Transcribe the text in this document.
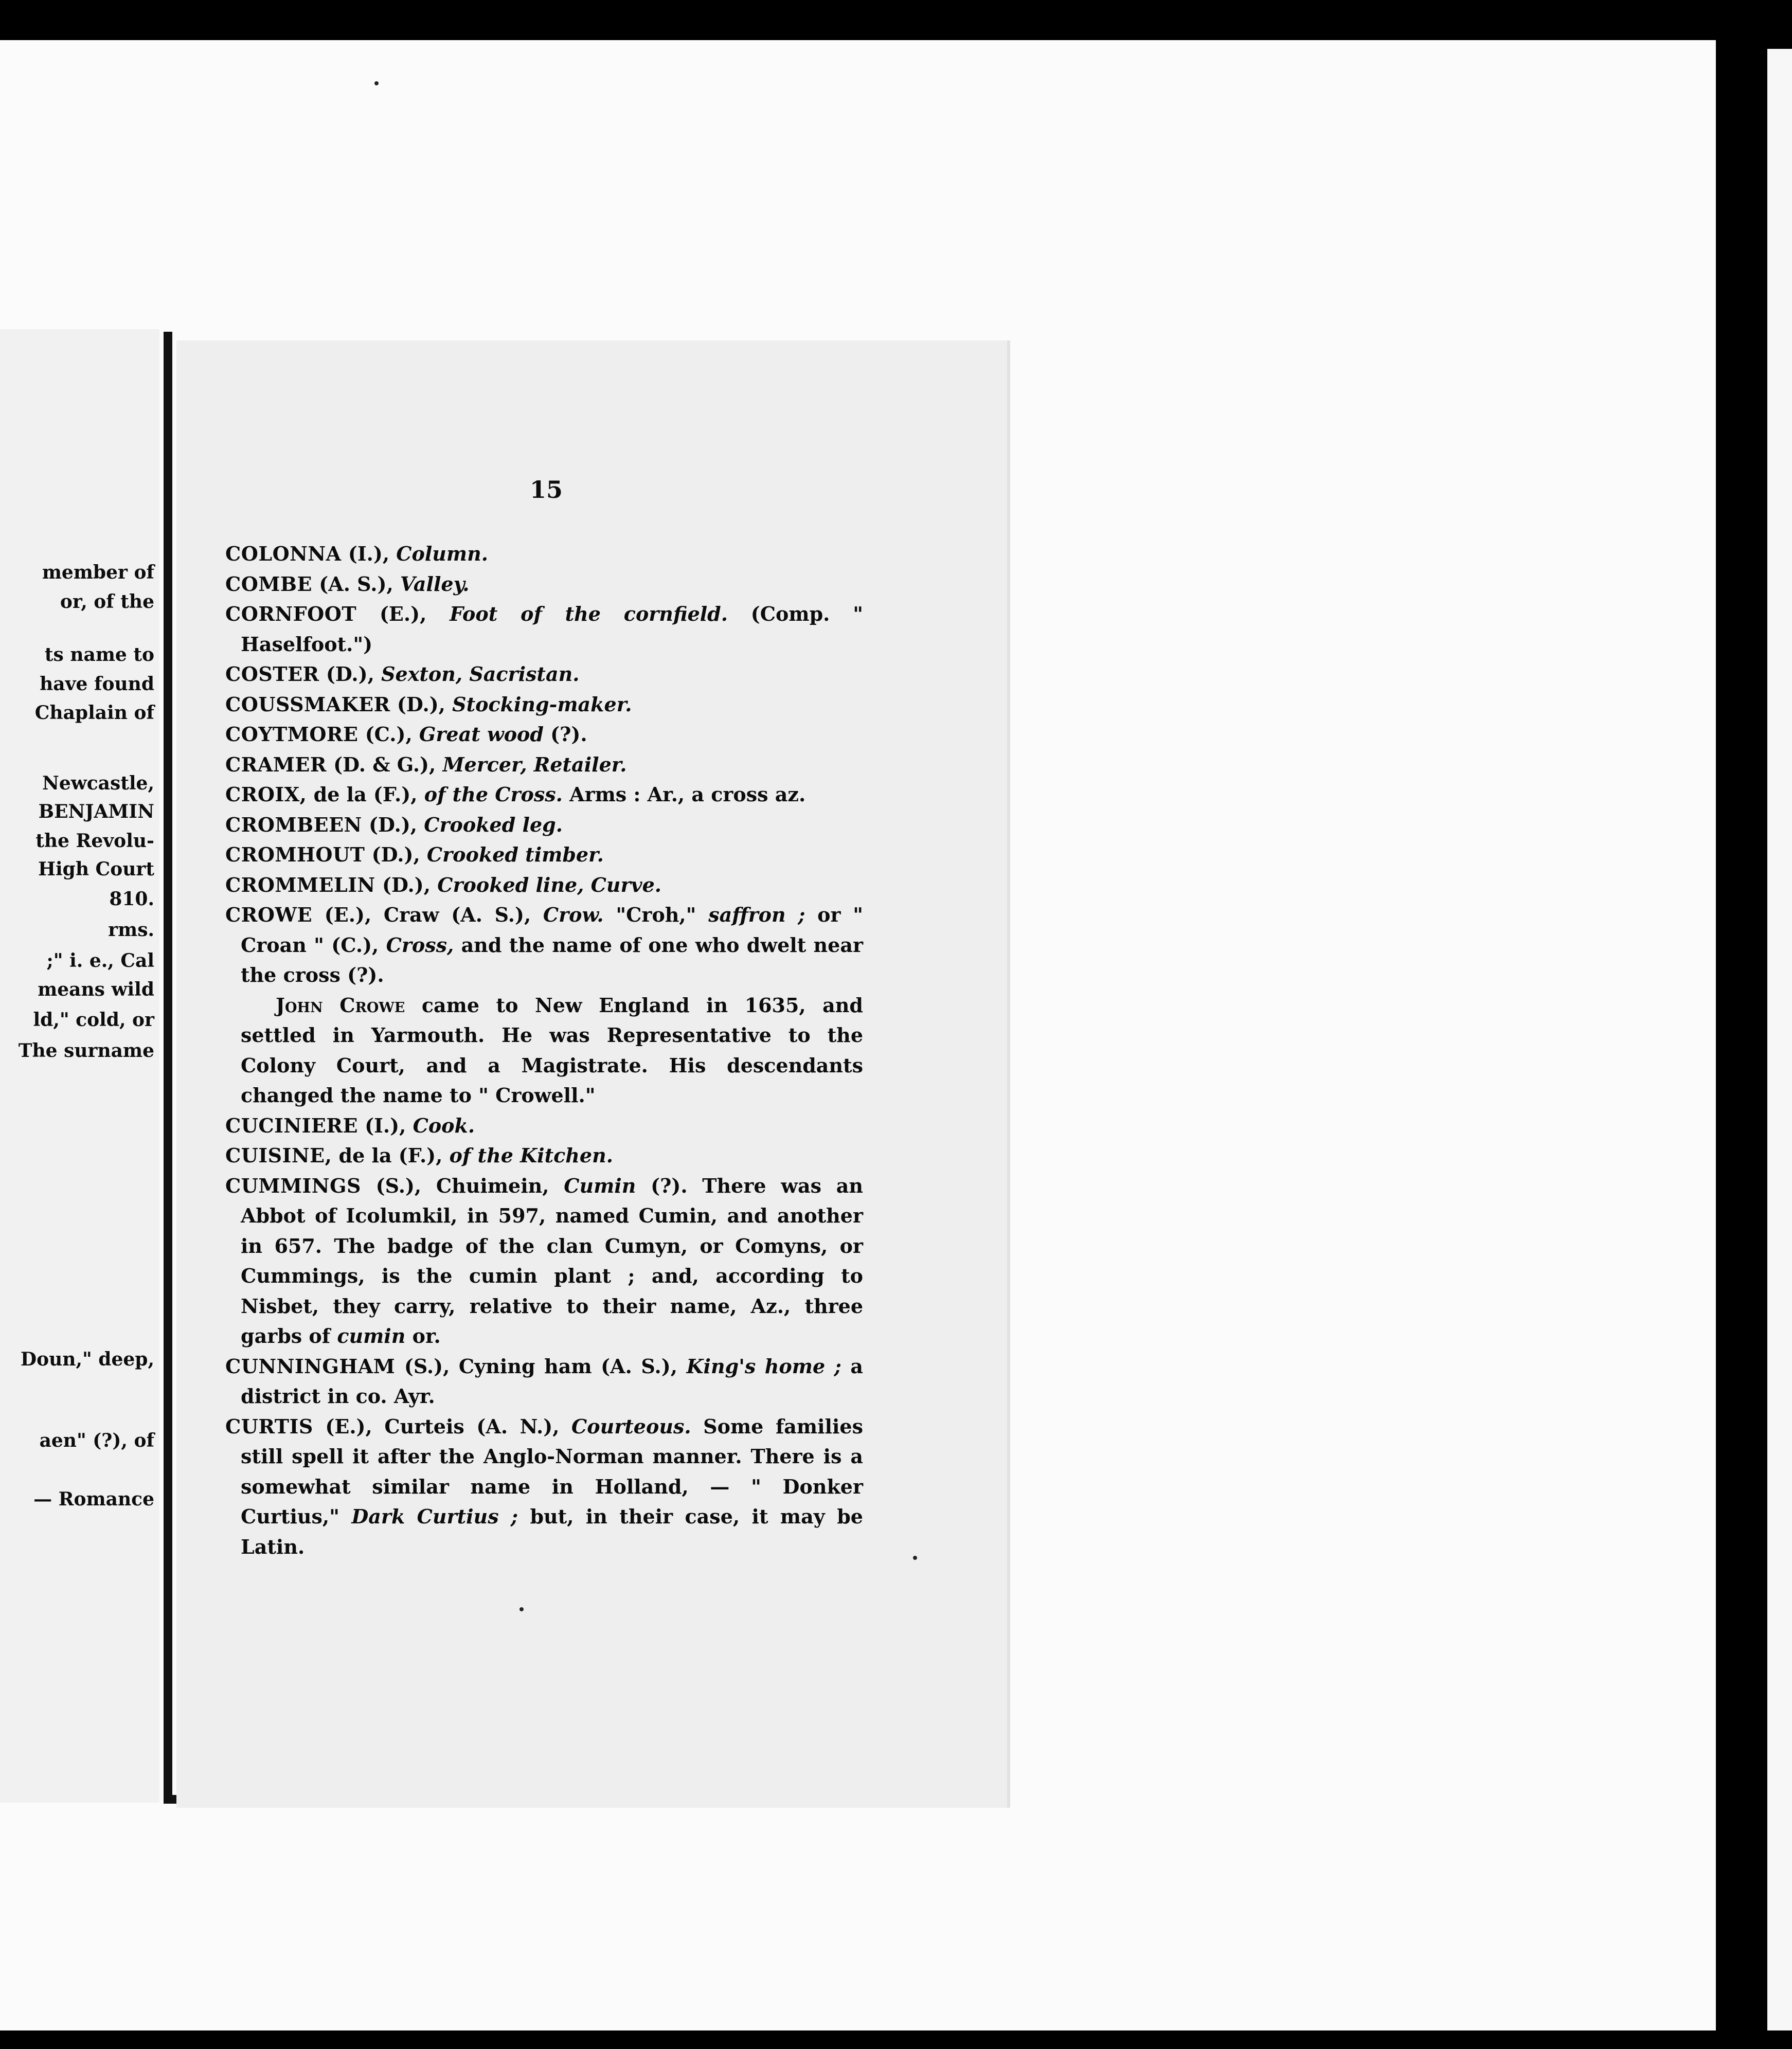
member of
or, of the
ts name to
have found
Chaplain of
Newcastle,
BENJAMIN
the Revolu-
High Court
810.
rms.
;" i. e., Cal
means wild
ld," cold, or
The surname
Doun," deep,
aen" (?), of
— Romance
15

COLONNA (I.), Column.

COMBE (A. S.), Valley.

CORNFOOT (E.), Foot of the cornfield. (Comp. " Haselfoot.")

COSTER (D.), Sexton, Sacristan.

COUSSMAKER (D.), Stocking-maker.

COYTMORE (C.), Great wood (?).

CRAMER (D. & G.), Mercer, Retailer.

CROIX, de la (F.), of the Cross. Arms : Ar., a cross az.

CROMBEEN (D.), Crooked leg.

CROMHOUT (D.), Crooked timber.

CROMMELIN (D.), Crooked line, Curve.

CROWE (E.), Craw (A. S.), Crow. "Croh," saffron ; or " Croan " (C.), Cross, and the name of one who dwelt near the cross (?).

John Crowe came to New England in 1635, and settled in Yarmouth. He was Representative to the Colony Court, and a Magistrate. His descendants changed the name to " Crowell."

CUCINIERE (I.), Cook.

CUISINE, de la (F.), of the Kitchen.

CUMMINGS (S.), Chuimein, Cumin (?). There was an Abbot of Icolumkil, in 597, named Cumin, and another in 657. The badge of the clan Cumyn, or Comyns, or Cummings, is the cumin plant ; and, according to Nisbet, they carry, relative to their name, Az., three garbs of cumin or.

CUNNINGHAM (S.), Cyning ham (A. S.), King's home ; a district in co. Ayr.

CURTIS (E.), Curteis (A. N.), Courteous. Some families still spell it after the Anglo-Norman manner. There is a somewhat similar name in Holland, — " Donker Curtius," Dark Curtius ; but, in their case, it may be Latin.
